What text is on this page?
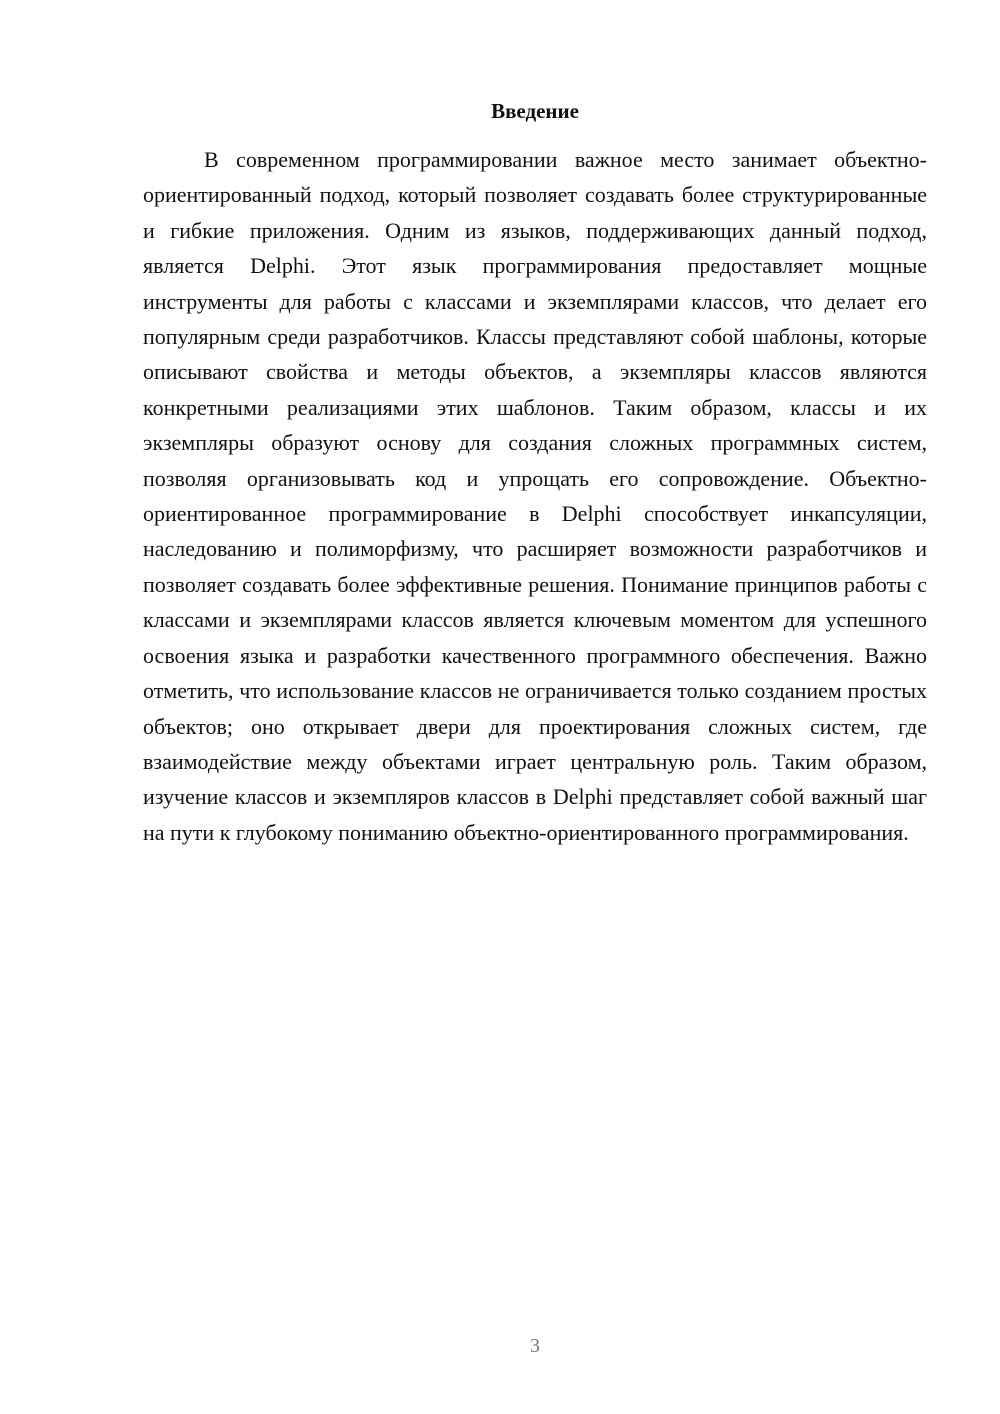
Введение

В современном программировании важное место занимает объектно-ориентированный подход, который позволяет создавать более структурированные и гибкие приложения. Одним из языков, поддерживающих данный подход, является Delphi. Этот язык программирования предоставляет мощные инструменты для работы с классами и экземплярами классов, что делает его популярным среди разработчиков. Классы представляют собой шаблоны, которые описывают свойства и методы объектов, а экземпляры классов являются конкретными реализациями этих шаблонов. Таким образом, классы и их экземпляры образуют основу для создания сложных программных систем, позволяя организовывать код и упрощать его сопровождение. Объектно-ориентированное программирование в Delphi способствует инкапсуляции, наследованию и полиморфизму, что расширяет возможности разработчиков и позволяет создавать более эффективные решения. Понимание принципов работы с классами и экземплярами классов является ключевым моментом для успешного освоения языка и разработки качественного программного обеспечения. Важно отметить, что использование классов не ограничивается только созданием простых объектов; оно открывает двери для проектирования сложных систем, где взаимодействие между объектами играет центральную роль. Таким образом, изучение классов и экземпляров классов в Delphi представляет собой важный шаг на пути к глубокому пониманию объектно-ориентированного программирования.

3
